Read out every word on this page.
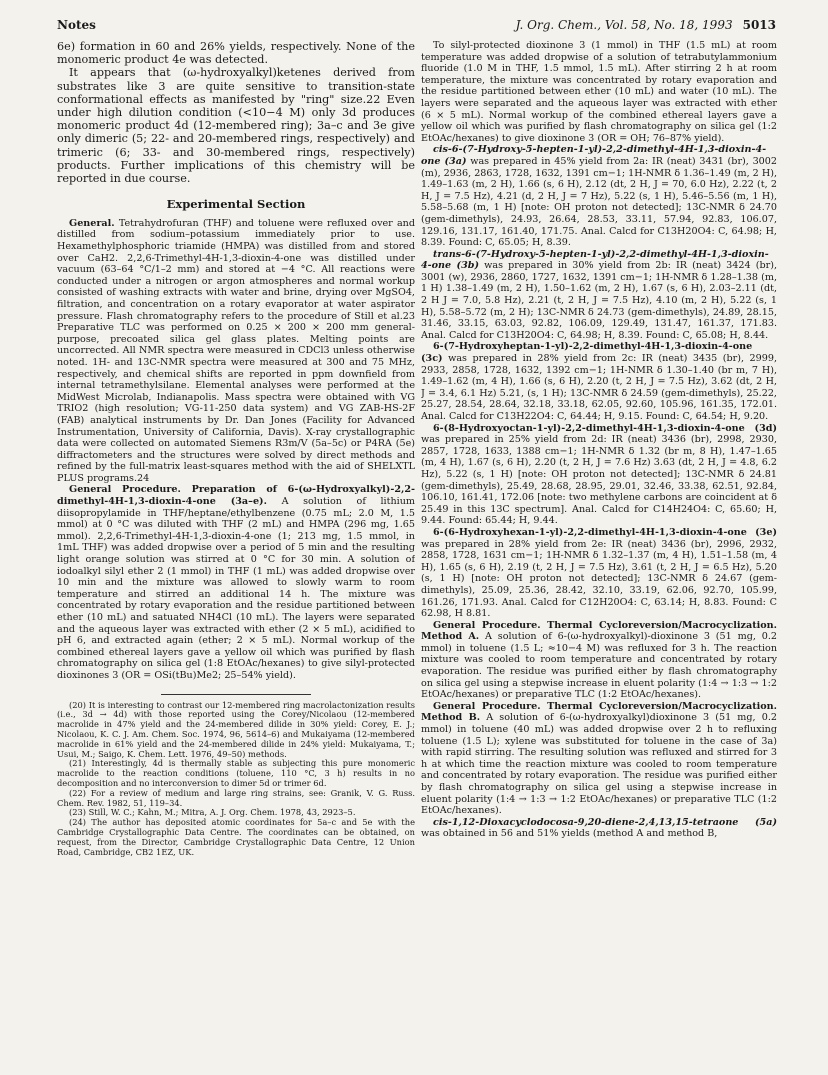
Notes	J. Org. Chem., Vol. 58, No. 18, 1993 5013

6e) formation in 60 and 26% yields, respectively. None of the monomeric product 4e was detected.

It appears that (ω-hydroxyalkyl)ketenes derived from substrates like 3 are quite sensitive to transition-state conformational effects as manifested by "ring" size.22 Even under high dilution condition (<10−4 M) only 3d produces monomeric product 4d (12-membered ring); 3a–c and 3e give only dimeric (5; 22- and 20-membered rings, respectively) and trimeric (6; 33- and 30-membered rings, respectively) products. Further implications of this chemistry will be reported in due course.

Experimental Section

General. Tetrahydrofuran (THF) and toluene were refluxed over and distilled from sodium–potassium immediately prior to use. Hexamethylphosphoric triamide (HMPA) was distilled from and stored over CaH2. 2,2,6-Trimethyl-4H-1,3-dioxin-4-one was distilled under vacuum (63–64 °C/1–2 mm) and stored at −4 °C. All reactions were conducted under a nitrogen or argon atmospheres and normal workup consisted of washing extracts with water and brine, drying over MgSO4, filtration, and concentration on a rotary evaporator at water aspirator pressure. Flash chromatography refers to the procedure of Still et al.23 Preparative TLC was performed on 0.25 × 200 × 200 mm general-purpose, precoated silica gel glass plates. Melting points are uncorrected. All NMR spectra were measured in CDCl3 unless otherwise noted. 1H- and 13C-NMR spectra were measured at 300 and 75 MHz, respectively, and chemical shifts are reported in ppm downfield from internal tetramethylsilane. Elemental analyses were performed at the MidWest Microlab, Indianapolis. Mass spectra were obtained with VG TRIO2 (high resolution; VG-11-250 data system) and VG ZAB-HS-2F (FAB) analytical instruments by Dr. Dan Jones (Facility for Advanced Instrumentation, University of California, Davis). X-ray crystallographic data were collected on automated Siemens R3m/V (5a–5c) or P4RA (5e) diffractometers and the structures were solved by direct methods and refined by the full-matrix least-squares method with the aid of SHELXTL PLUS programs.24

General Procedure. Preparation of 6-(ω-Hydroxyalkyl)-2,2-dimethyl-4H-1,3-dioxin-4-one (3a–e). A solution of lithium diisopropylamide in THF/heptane/ethylbenzene (0.75 mL; 2.0 M, 1.5 mmol) at 0 °C was diluted with THF (2 mL) and HMPA (296 mg, 1.65 mmol). 2,2,6-Trimethyl-4H-1,3-dioxin-4-one (1; 213 mg, 1.5 mmol, in 1mL THF) was added dropwise over a period of 5 min and the resulting light orange solution was stirred at 0 °C for 30 min. A solution of iodoalkyl silyl ether 2 (1 mmol) in THF (1 mL) was added dropwise over 10 min and the mixture was allowed to slowly warm to room temperature and stirred an additional 14 h. The mixture was concentrated by rotary evaporation and the residue partitioned between ether (10 mL) and satuated NH4Cl (10 mL). The layers were separated and the aqueous layer was extracted with ether (2 × 5 mL), acidified to pH 6, and extracted again (ether; 2 × 5 mL). Normal workup of the combined ethereal layers gave a yellow oil which was purified by flash chromatography on silica gel (1:8 EtOAc/hexanes) to give silyl-protected dioxinones 3 (OR = OSi(tBu)Me2; 25–54% yield).

(20) It is interesting to contrast our 12-membered ring macrolactonization results (i.e., 3d → 4d) with those reported using the Corey/Nicolaou (12-membered macrolide in 47% yield and the 24-membered dilide in 30% yield: Corey, E. J.; Nicolaou, K. C. J. Am. Chem. Soc. 1974, 96, 5614–6) and Mukaiyama (12-membered macrolide in 61% yield and the 24-membered dilide in 24% yield: Mukaiyama, T.; Usui, M.; Saigo, K. Chem. Lett. 1976, 49–50) methods.

(21) Interestingly, 4d is thermally stable as subjecting this pure monomeric macrolide to the reaction conditions (toluene, 110 °C, 3 h) results in no decomposition and no interconversion to dimer 5d or trimer 6d.

(22) For a review of medium and large ring strains, see: Granik, V. G. Russ. Chem. Rev. 1982, 51, 119–34.

(23) Still, W. C.; Kahn, M.; Mitra, A. J. Org. Chem. 1978, 43, 2923–5.

(24) The author has deposited atomic coordinates for 5a–c and 5e with the Cambridge Crystallographic Data Centre. The coordinates can be obtained, on request, from the Director, Cambridge Crystallographic Data Centre, 12 Union Road, Cambridge, CB2 1EZ, UK.

To silyl-protected dioxinone 3 (1 mmol) in THF (1.5 mL) at room temperature was added dropwise of a solution of tetrabutylammonium fluoride (1.0 M in THF, 1.5 mmol, 1.5 mL). After stirring 2 h at room temperature, the mixture was concentrated by rotary evaporation and the residue partitioned between ether (10 mL) and water (10 mL). The layers were separated and the aqueous layer was extracted with ether (6 × 5 mL). Normal workup of the combined ethereal layers gave a yellow oil which was purified by flash chromatography on silica gel (1:2 EtOAc/hexanes) to give dioxinone 3 (OR = OH; 76–87% yield).

cis-6-(7-Hydroxy-5-hepten-1-yl)-2,2-dimethyl-4H-1,3-dioxin-4-one (3a) was prepared in 45% yield from 2a: IR (neat) 3431 (br), 3002 (m), 2936, 2863, 1728, 1632, 1391 cm−1; 1H-NMR δ 1.36–1.49 (m, 2 H), 1.49–1.63 (m, 2 H), 1.66 (s, 6 H), 2.12 (dt, 2 H, J = 70, 6.0 Hz), 2.22 (t, 2 H, J = 7.5 Hz), 4.21 (d, 2 H, J = 7 Hz), 5.22 (s, 1 H), 5.46–5.56 (m, 1 H), 5.58–5.68 (m, 1 H) [note: OH proton not detected]; 13C-NMR δ 24.70 (gem-dimethyls), 24.93, 26.64, 28.53, 33.11, 57.94, 92.83, 106.07, 129.16, 131.17, 161.40, 171.75. Anal. Calcd for C13H20O4: C, 64.98; H, 8.39. Found: C, 65.05; H, 8.39.

trans-6-(7-Hydroxy-5-hepten-1-yl)-2,2-dimethyl-4H-1,3-dioxin-4-one (3b) was prepared in 30% yield from 2b: IR (neat) 3424 (br), 3001 (w), 2936, 2860, 1727, 1632, 1391 cm−1; 1H-NMR δ 1.28–1.38 (m, 1 H) 1.38–1.49 (m, 2 H), 1.50–1.62 (m, 2 H), 1.67 (s, 6 H), 2.03–2.11 (dt, 2 H J = 7.0, 5.8 Hz), 2.21 (t, 2 H, J = 7.5 Hz), 4.10 (m, 2 H), 5.22 (s, 1 H), 5.58–5.72 (m, 2 H); 13C-NMR δ 24.73 (gem-dimethyls), 24.89, 28.15, 31.46, 33.15, 63.03, 92.82, 106.09, 129.49, 131.47, 161.37, 171.83. Anal. Calcd for C13H20O4: C, 64.98; H, 8.39. Found: C, 65.08; H, 8.44.

6-(7-Hydroxyheptan-1-yl)-2,2-dimethyl-4H-1,3-dioxin-4-one (3c) was prepared in 28% yield from 2c: IR (neat) 3435 (br), 2999, 2933, 2858, 1728, 1632, 1392 cm−1; 1H-NMR δ 1.30–1.40 (br m, 7 H), 1.49–1.62 (m, 4 H), 1.66 (s, 6 H), 2.20 (t, 2 H, J = 7.5 Hz), 3.62 (dt, 2 H, J = 3.4, 6.1 Hz) 5.21, (s, 1 H); 13C-NMR δ 24.59 (gem-dimethyls), 25.22, 25.27, 28.54, 28.64, 32.18, 33.18, 62.05, 92.60, 105.96, 161.35, 172.01. Anal. Calcd for C13H22O4: C, 64.44; H, 9.15. Found: C, 64.54; H, 9.20.

6-(8-Hydroxyoctan-1-yl)-2,2-dimethyl-4H-1,3-dioxin-4-one (3d) was prepared in 25% yield from 2d: IR (neat) 3436 (br), 2998, 2930, 2857, 1728, 1633, 1388 cm−1; 1H-NMR δ 1.32 (br m, 8 H), 1.47–1.65 (m, 4 H), 1.67 (s, 6 H), 2.20 (t, 2 H, J = 7.6 Hz) 3.63 (dt, 2 H, J = 4.8, 6.2 Hz), 5.22 (s, 1 H) [note: OH proton not detected]; 13C-NMR δ 24.81 (gem-dimethyls), 25.49, 28.68, 28.95, 29.01, 32.46, 33.38, 62.51, 92.84, 106.10, 161.41, 172.06 [note: two methylene carbons are coincident at δ 25.49 in this 13C spectrum]. Anal. Calcd for C14H24O4: C, 65.60; H, 9.44. Found: 65.44; H, 9.44.

6-(6-Hydroxyhexan-1-yl)-2,2-dimethyl-4H-1,3-dioxin-4-one (3e) was prepared in 28% yield from 2e: IR (neat) 3436 (br), 2996, 2932, 2858, 1728, 1631 cm−1; 1H-NMR δ 1.32–1.37 (m, 4 H), 1.51–1.58 (m, 4 H), 1.65 (s, 6 H), 2.19 (t, 2 H, J = 7.5 Hz), 3.61 (t, 2 H, J = 6.5 Hz), 5.20 (s, 1 H) [note: OH proton not detected]; 13C-NMR δ 24.67 (gem-dimethyls), 25.09, 25.36, 28.42, 32.10, 33.19, 62.06, 92.70, 105.99, 161.26, 171.93. Anal. Calcd for C12H20O4: C, 63.14; H, 8.83. Found: C 62.98, H 8.81.

General Procedure. Thermal Cycloreversion/Macrocyclization. Method A. A solution of 6-(ω-hydroxyalkyl)-dioxinone 3 (51 mg, 0.2 mmol) in toluene (1.5 L; ≈10−4 M) was refluxed for 3 h. The reaction mixture was cooled to room temperature and concentrated by rotary evaporation. The residue was purified either by flash chromatography on silica gel using a stepwise increase in eluent polarity (1:4 → 1:3 → 1:2 EtOAc/hexanes) or preparative TLC (1:2 EtOAc/hexanes).

General Procedure. Thermal Cycloreversion/Macrocyclization. Method B. A solution of 6-(ω-hydroxyalkyl)dioxinone 3 (51 mg, 0.2 mmol) in toluene (40 mL) was added dropwise over 2 h to refluxing toluene (1.5 L); xylene was substituted for toluene in the case of 3a) with rapid stirring. The resulting solution was refluxed and stirred for 3 h at which time the reaction mixture was cooled to room temperature and concentrated by rotary evaporation. The residue was purified either by flash chromatography on silica gel using a stepwise increase in eluent polarity (1:4 → 1:3 → 1:2 EtOAc/hexanes) or preparative TLC (1:2 EtOAc/hexanes).

cis-1,12-Dioxacyclodocosa-9,20-diene-2,4,13,15-tetraone (5a) was obtained in 56 and 51% yields (method A and method B,
